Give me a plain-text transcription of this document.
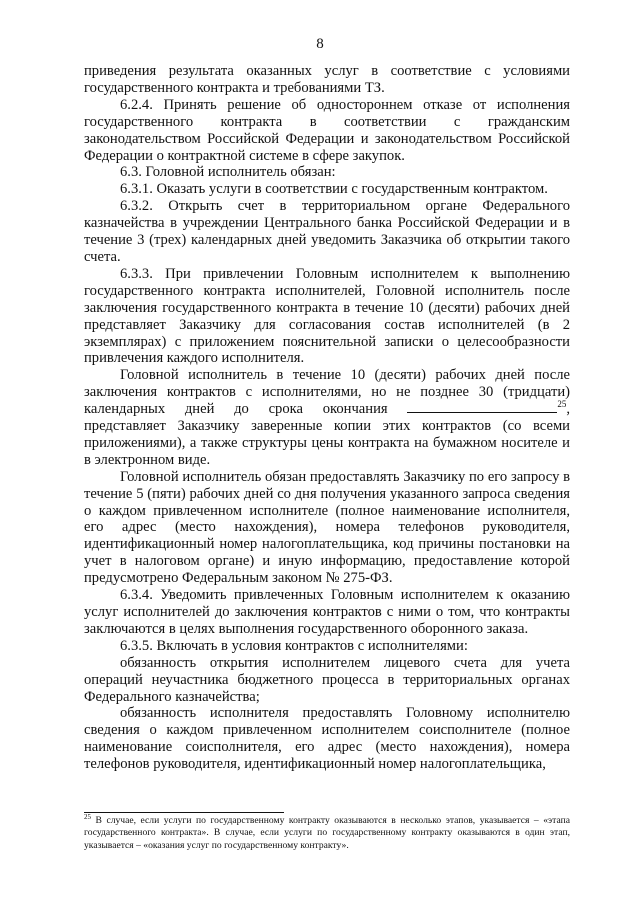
8

приведения результата оказанных услуг в соответствие с условиями государственного контракта и требованиями ТЗ.

6.2.4. Принять решение об одностороннем отказе от исполнения государственного контракта в соответствии с гражданским законодательством Российской Федерации и законодательством Российской Федерации о контрактной системе в сфере закупок.

6.3. Головной исполнитель обязан:

6.3.1. Оказать услуги в соответствии с государственным контрактом.

6.3.2. Открыть счет в территориальном органе Федерального казначейства в учреждении Центрального банка Российской Федерации и в течение 3 (трех) календарных дней уведомить Заказчика об открытии такого счета.

6.3.3. При привлечении Головным исполнителем к выполнению государственного контракта исполнителей, Головной исполнитель после заключения государственного контракта в течение 10 (десяти) рабочих дней представляет Заказчику для согласования состав исполнителей (в 2 экземплярах) с приложением пояснительной записки о целесообразности привлечения каждого исполнителя.

Головной исполнитель в течение 10 (десяти) рабочих дней после заключения контрактов с исполнителями, но не позднее 30 (тридцати) календарных дней до срока окончания	$^{25}$, представляет Заказчику заверенные копии этих контрактов (со всеми приложениями), а также структуры цены контракта на бумажном носителе и в электронном виде.

Головной исполнитель обязан предоставлять Заказчику по его запросу в течение 5 (пяти) рабочих дней со дня получения указанного запроса сведения о каждом привлеченном исполнителе (полное наименование исполнителя, его адрес (место нахождения), номера телефонов руководителя, идентификационный номер налогоплательщика, код причины постановки на учет в налоговом органе) и иную информацию, предоставление которой предусмотрено Федеральным законом № 275-ФЗ.

6.3.4. Уведомить привлеченных Головным исполнителем к оказанию услуг исполнителей до заключения контрактов с ними о том, что контракты заключаются в целях выполнения государственного оборонного заказа.

6.3.5. Включать в условия контрактов с исполнителями:

обязанность открытия исполнителем лицевого счета для учета операций неучастника бюджетного процесса в территориальных органах Федерального казначейства;

обязанность исполнителя предоставлять Головному исполнителю сведения о каждом привлеченном исполнителем соисполнителе (полное наименование соисполнителя, его адрес (место нахождения), номера телефонов руководителя, идентификационный номер налогоплательщика,

$^{25}$ В случае, если услуги по государственному контракту оказываются в несколько этапов, указывается – «этапа государственного контракта». В случае, если услуги по государственному контракту оказываются в один этап, указывается – «оказания услуг по государственному контракту».
